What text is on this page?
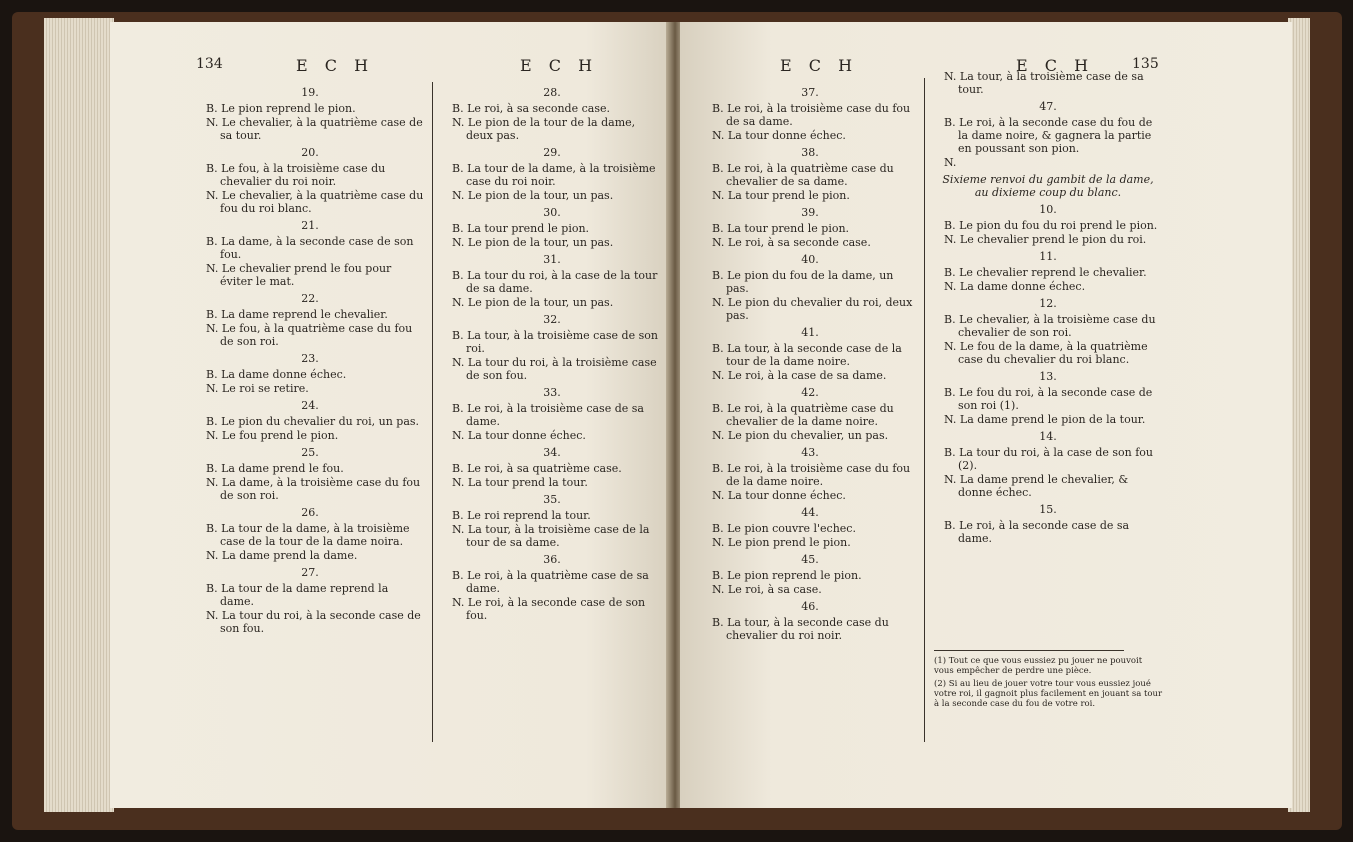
134	E C H	E C H
19.
B. Le pion reprend le pion.
N. Le chevalier, à la quatrième case de sa tour.
20.
B. Le fou, à la troisième case du chevalier du roi noir.
N. Le chevalier, à la quatrième case du fou du roi blanc.
21.
B. La dame, à la seconde case de son fou.
N. Le chevalier prend le fou pour éviter le mat.
22.
B. La dame reprend le chevalier.
N. Le fou, à la quatrième case du fou de son roi.
23.
B. La dame donne échec.
N. Le roi se retire.
24.
B. Le pion du chevalier du roi, un pas.
N. Le fou prend le pion.
25.
B. La dame prend le fou.
N. La dame, à la troisième case du fou de son roi.
26.
B. La tour de la dame, à la troisième case de la tour de la dame noira.
N. La dame prend la dame.
27.
B. La tour de la dame reprend la dame.
N. La tour du roi, à la seconde case de son fou.
28.
B. Le roi, à sa seconde case.
N. Le pion de la tour de la dame, deux pas.
29.
B. La tour de la dame, à la troisième case du roi noir.
N. Le pion de la tour, un pas.
30.
B. La tour prend le pion.
N. Le pion de la tour, un pas.
31.
B. La tour du roi, à la case de la tour de sa dame.
N. Le pion de la tour, un pas.
32.
B. La tour, à la troisième case de son roi.
N. La tour du roi, à la troisième case de son fou.
33.
B. Le roi, à la troisième case de sa dame.
N. La tour donne échec.
34.
B. Le roi, à sa quatrième case.
N. La tour prend la tour.
35.
B. Le roi reprend la tour.
N. La tour, à la troisième case de la tour de sa dame.
36.
B. Le roi, à la quatrième case de sa dame.
N. Le roi, à la seconde case de son fou.
E C H	E C H	135
37.
B. Le roi, à la troisième case du fou de sa dame.
N. La tour donne échec.
38.
B. Le roi, à la quatrième case du chevalier de sa dame.
N. La tour prend le pion.
39.
B. La tour prend le pion.
N. Le roi, à sa seconde case.
40.
B. Le pion du fou de la dame, un pas.
N. Le pion du chevalier du roi, deux pas.
41.
B. La tour, à la seconde case de la tour de la dame noire.
N. Le roi, à la case de sa dame.
42.
B. Le roi, à la quatrième case du chevalier de la dame noire.
N. Le pion du chevalier, un pas.
43.
B. Le roi, à la troisième case du fou de la dame noire.
N. La tour donne échec.
44.
B. Le pion couvre l'echec.
N. Le pion prend le pion.
45.
B. Le pion reprend le pion.
N. Le roi, à sa case.
46.
B. La tour, à la seconde case du chevalier du roi noir.
N. La tour, à la troisième case de sa tour.
47.
B. Le roi, à la seconde case du fou de la dame noire, & gagnera la partie en poussant son pion.
N.
Sixieme renvoi du gambit de la dame, au dixieme coup du blanc.
10.
B. Le pion du fou du roi prend le pion.
N. Le chevalier prend le pion du roi.
11.
B. Le chevalier reprend le chevalier.
N. La dame donne échec.
12.
B. Le chevalier, à la troisième case du chevalier de son roi.
N. Le fou de la dame, à la quatrième case du chevalier du roi blanc.
13.
B. Le fou du roi, à la seconde case de son roi (1).
N. La dame prend le pion de la tour.
14.
B. La tour du roi, à la case de son fou (2).
N. La dame prend le chevalier, & donne échec.
15.
B. Le roi, à la seconde case de sa dame.

(1) Tout ce que vous eussiez pu jouer ne pouvoit vous empêcher de perdre une pièce.

(2) Si au lieu de jouer votre tour vous eussiez joué votre roi, il gagnoit plus facilement en jouant sa tour à la seconde case du fou de votre roi.
